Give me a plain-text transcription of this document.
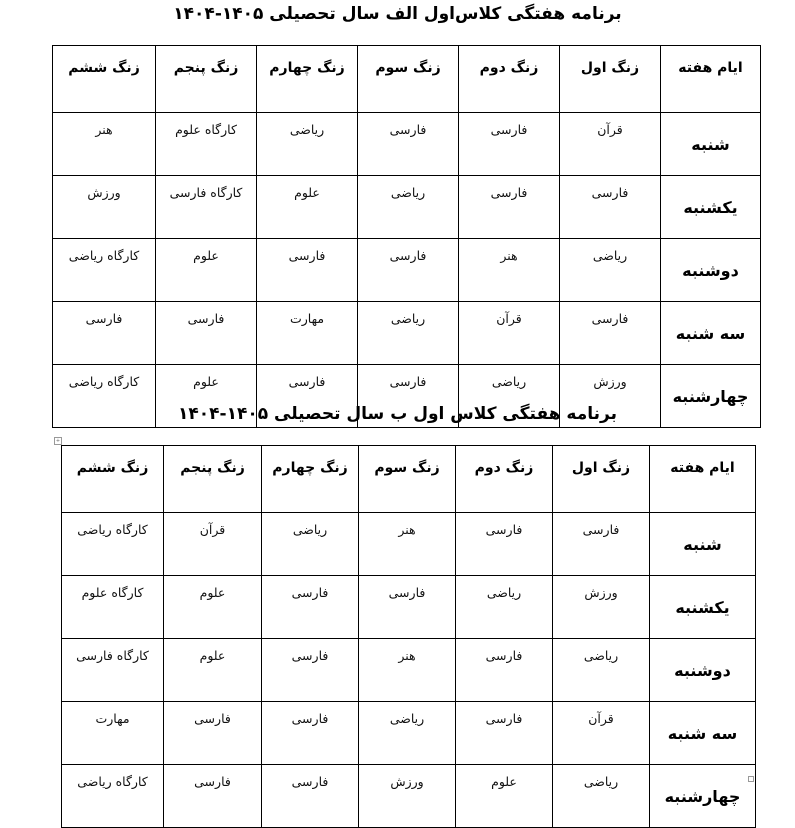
برنامه هفتگی کلاس‌اول الف سال تحصیلی ۱۴۰۵-۱۴۰۴
ایام هفته	زنگ اول	زنگ دوم	زنگ سوم	زنگ چهارم	زنگ پنجم	زنگ ششم
شنبه	قرآن	فارسی	فارسی	ریاضی	کارگاه علوم	هنر
یکشنبه	فارسی	فارسی	ریاضی	علوم	کارگاه فارسی	ورزش
دوشنبه	ریاضی	هنر	فارسی	فارسی	علوم	کارگاه ریاضی
سه شنبه	فارسی	قرآن	ریاضی	مهارت	فارسی	فارسی
چهارشنبه	ورزش	ریاضی	فارسی	فارسی	علوم	کارگاه ریاضی
برنامه هفتگی کلاس اول ب سال تحصیلی ۱۴۰۵-۱۴۰۴
+
ایام هفته	زنگ اول	زنگ دوم	زنگ سوم	زنگ چهارم	زنگ پنجم	زنگ ششم
شنبه	فارسی	فارسی	هنر	ریاضی	قرآن	کارگاه ریاضی
یکشنبه	ورزش	ریاضی	فارسی	فارسی	علوم	کارگاه علوم
دوشنبه	ریاضی	فارسی	هنر	فارسی	علوم	کارگاه فارسی
سه شنبه	قرآن	فارسی	ریاضی	فارسی	فارسی	مهارت
چهارشنبه	ریاضی	علوم	ورزش	فارسی	فارسی	کارگاه ریاضی
